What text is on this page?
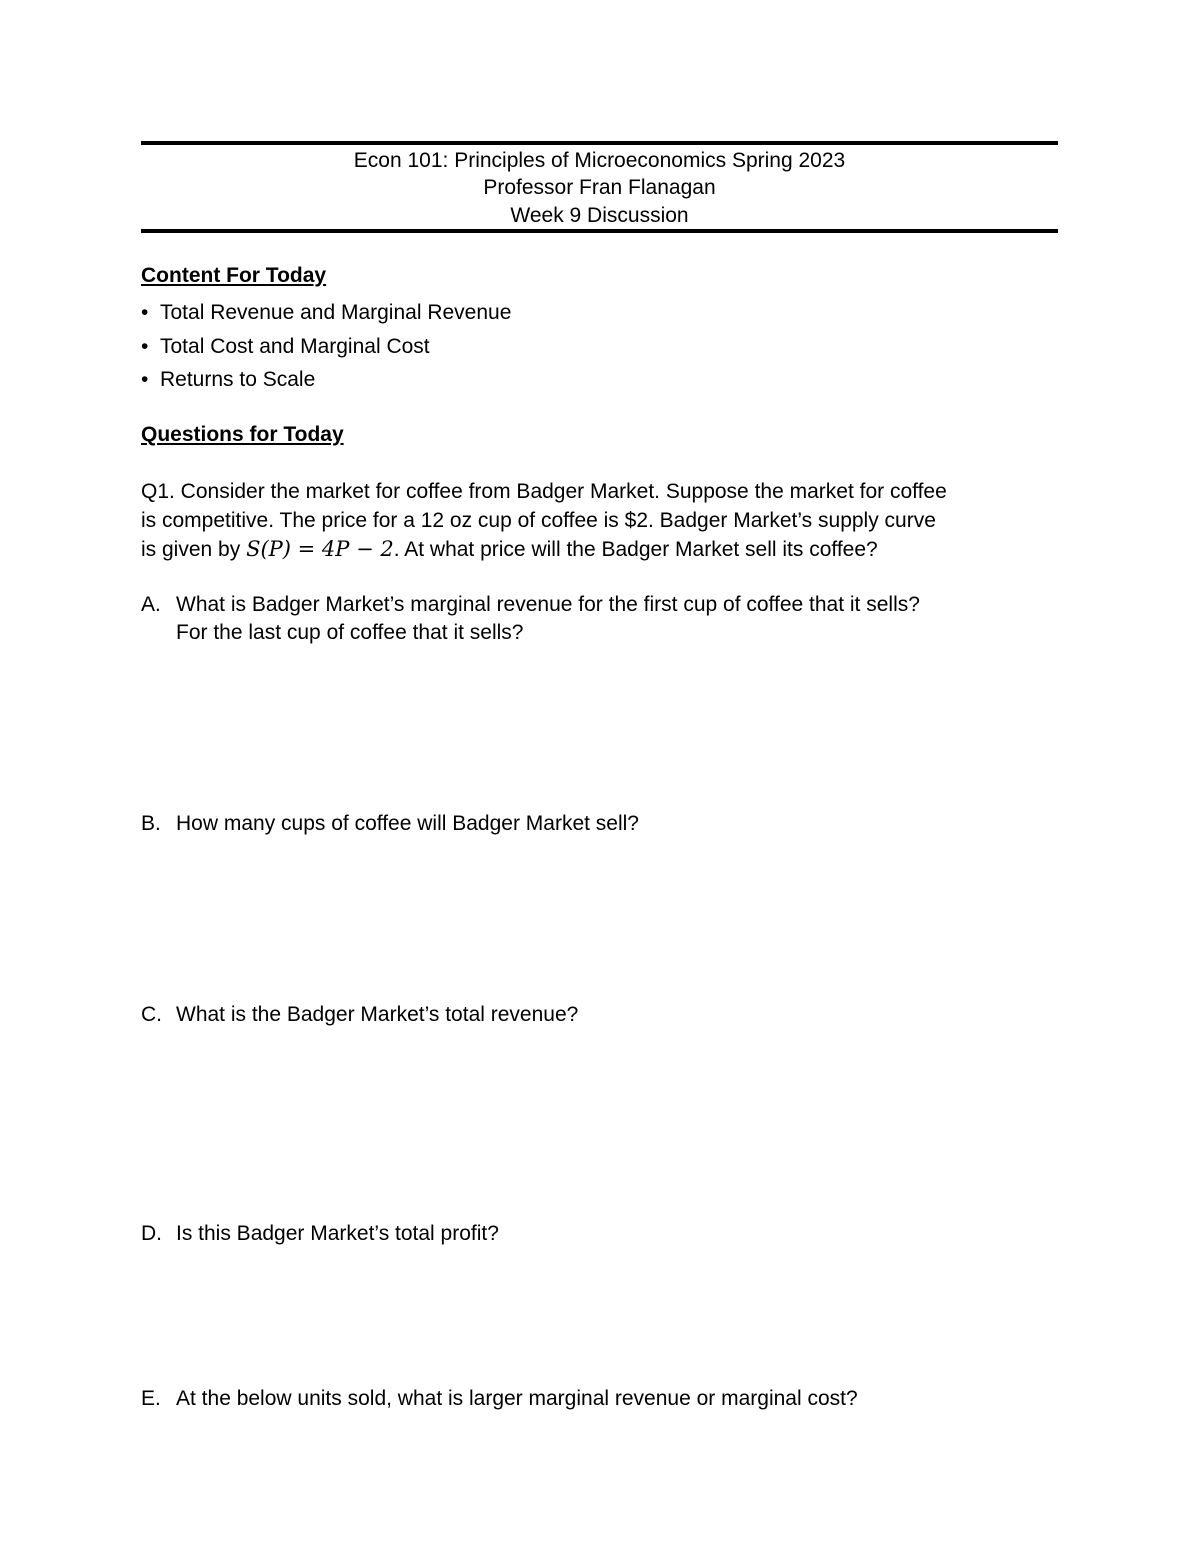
Econ 101: Principles of Microeconomics Spring 2023
Professor Fran Flanagan
Week 9 Discussion
Content For Today
• Total Revenue and Marginal Revenue
• Total Cost and Marginal Cost
• Returns to Scale
Questions for Today
Q1. Consider the market for coffee from Badger Market. Suppose the market for coffee
is competitive. The price for a 12 oz cup of coffee is $2. Badger Market’s supply curve
is given by S(P) = 4P − 2. At what price will the Badger Market sell its coffee?
A. What is Badger Market’s marginal revenue for the first cup of coffee that it sells?
For the last cup of coffee that it sells?
B. How many cups of coffee will Badger Market sell?
C. What is the Badger Market’s total revenue?
D. Is this Badger Market’s total profit?
E. At the below units sold, what is larger marginal revenue or marginal cost?
